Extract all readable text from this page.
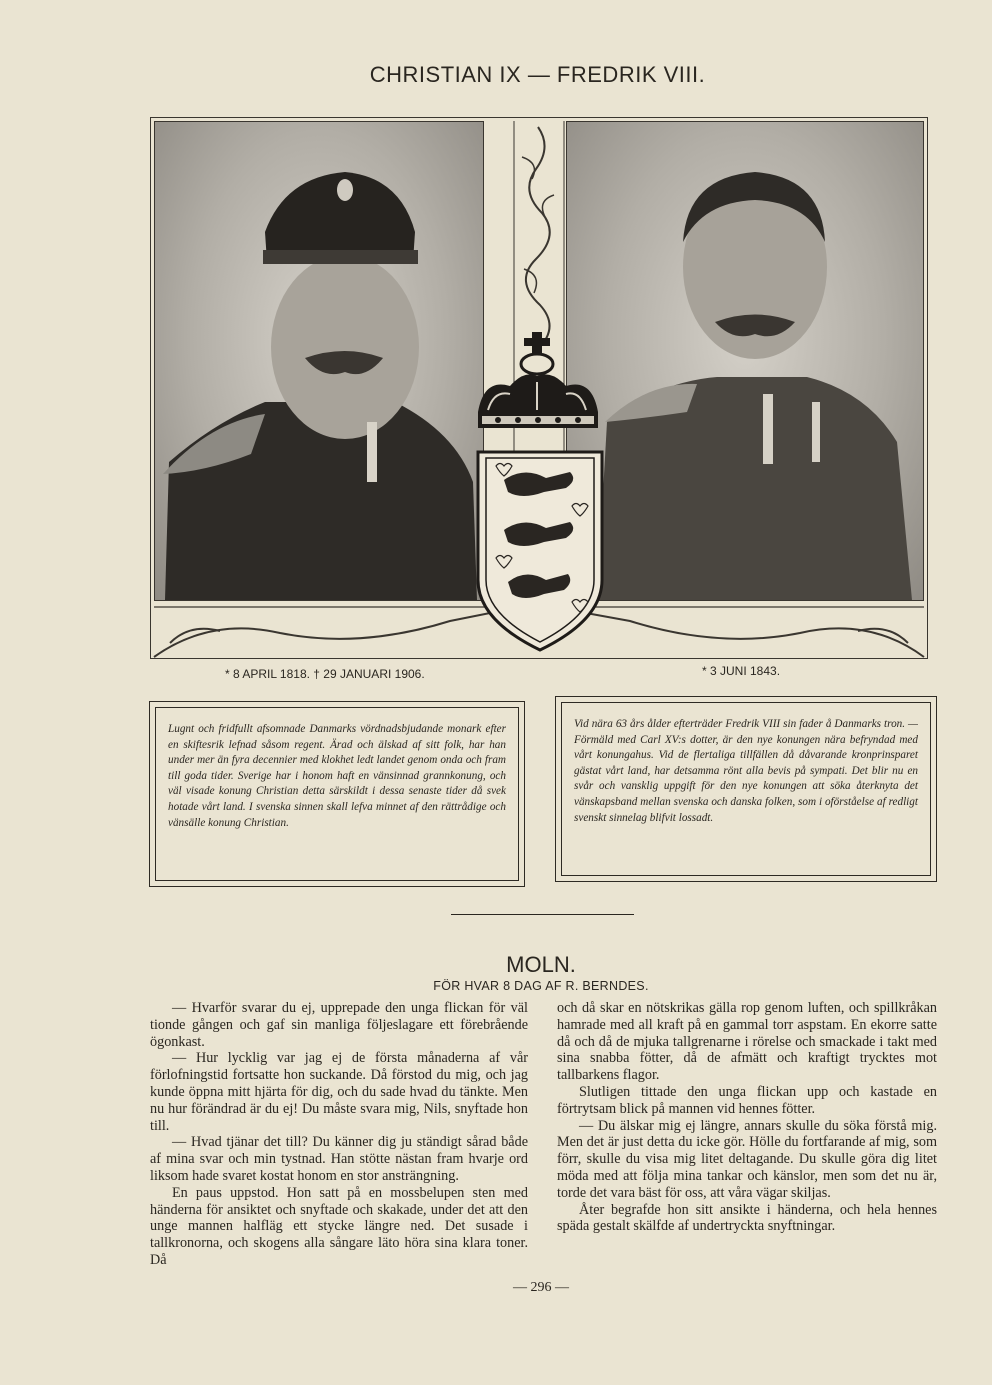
CHRISTIAN IX — FREDRIK VIII.
* 8 APRIL 1818. † 29 JANUARI 1906.	* 3 JUNI 1843.

Lugnt och fridfullt afsomnade Danmarks vördnadsbjudande monark efter en skiftesrik lefnad såsom regent. Ärad och älskad af sitt folk, har han under mer än fyra decennier med klokhet ledt landet genom onda och fram till goda tider. Sverige har i honom haft en vänsinnad grannkonung, och väl visade konung Christian detta särskildt i dessa senaste tider då svek hotade vårt land. I svenska sinnen skall lefva minnet af den rättrådige och vänsälle konung Christian.

Vid nära 63 års ålder efterträder Fredrik VIII sin fader å Danmarks tron. — Förmäld med Carl XV:s dotter, är den nye konungen nära befryndad med vårt konungahus. Vid de flertaliga tillfällen då dåvarande kronprinsparet gästat vårt land, har detsamma rönt alla bevis på sympati. Det blir nu en svår och vansklig uppgift för den nye konungen att söka återknyta det vänskapsband mellan svenska och danska folken, som i oförståelse af redligt svenskt sinnelag blifvit lossadt.

MOLN.
FÖR HVAR 8 DAG AF R. BERNDES.

— Hvarför svarar du ej, upprepade den unga flickan för väl tionde gången och gaf sin manliga följeslagare ett förebrående ögonkast.

— Hur lycklig var jag ej de första månaderna af vår förlofningstid fortsatte hon suckande. Då förstod du mig, och jag kunde öppna mitt hjärta för dig, och du sade hvad du tänkte. Men nu hur förändrad är du ej! Du måste svara mig, Nils, snyftade hon till.

— Hvad tjänar det till? Du känner dig ju ständigt sårad både af mina svar och min tystnad. Han stötte nästan fram hvarje ord liksom hade svaret kostat honom en stor ansträngning.

En paus uppstod. Hon satt på en mossbelupen sten med händerna för ansiktet och snyftade och skakade, under det att den unge mannen halfläg ett stycke längre ned. Det susade i tallkronorna, och skogens alla sångare läto höra sina klara toner. Då

och då skar en nötskrikas gälla rop genom luften, och spillkråkan hamrade med all kraft på en gammal torr aspstam. En ekorre satte då och då de mjuka tallgrenarne i rörelse och smackade i takt med sina snabba fötter, då de afmätt och kraftigt trycktes mot tallbarkens flagor.

Slutligen tittade den unga flickan upp och kastade en förtrytsam blick på mannen vid hennes fötter.

— Du älskar mig ej längre, annars skulle du söka förstå mig. Men det är just detta du icke gör. Hölle du fortfarande af mig, som förr, skulle du visa mig litet deltagande. Du skulle göra dig litet möda med att följa mina tankar och känslor, men som det nu är, torde det vara bäst för oss, att våra vägar skiljas.

Åter begrafde hon sitt ansikte i händerna, och hela hennes späda gestalt skälfde af undertryckta snyftningar.

— 296 —
